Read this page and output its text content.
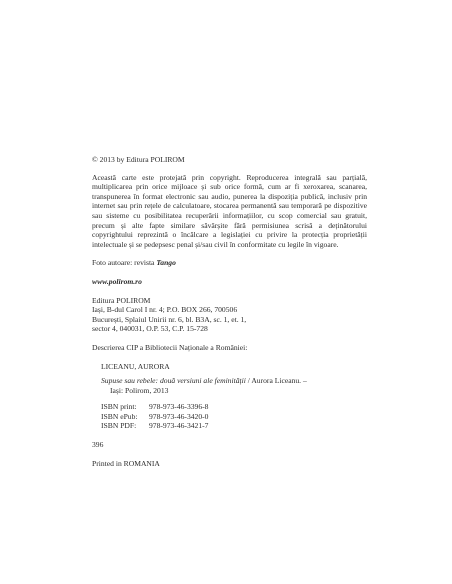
© 2013 by Editura POLIROM

Această carte este protejată prin copyright. Reproducerea integrală sau parțială, multiplicarea prin orice mijloace și sub orice formă, cum ar fi xeroxarea, scanarea, transpunerea în format electronic sau audio, punerea la dispoziția publică, inclusiv prin internet sau prin rețele de calculatoare, stocarea permanentă sau temporară pe dispozitive sau sisteme cu posibilitatea recuperării informațiilor, cu scop comercial sau gratuit, precum și alte fapte similare săvârșite fără permisiunea scrisă a deținătorului copyrightului reprezintă o încălcare a legislației cu privire la protecția proprietății intelectuale și se pedepsesc penal și/sau civil în conformitate cu legile în vigoare.

Foto autoare: revista Tango

www.polirom.ro

Editura POLIROM
Iași, B-dul Carol I nr. 4; P.O. BOX 266, 700506
București, Splaiul Unirii nr. 6, bl. B3A, sc. 1, et. 1,
sector 4, 040031, O.P. 53, C.P. 15-728

Descrierea CIP a Bibliotecii Naționale a României:

LICEANU, AURORA
Supuse sau rebele: două versiuni ale feminității / Aurora Liceanu. –
Iași: Polirom, 2013
ISBN print:	978-973-46-3396-8
ISBN ePub:	978-973-46-3420-0
ISBN PDF:	978-973-46-3421-7
396
Printed in ROMANIA
